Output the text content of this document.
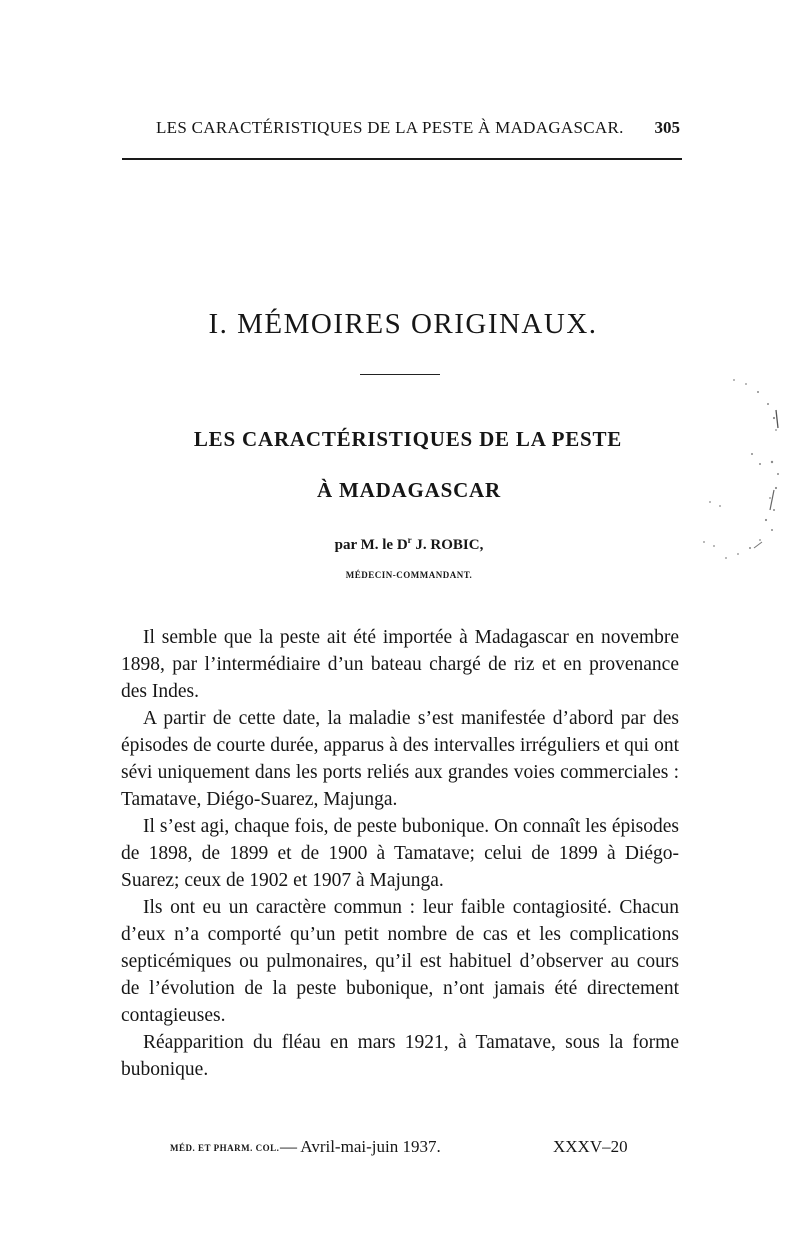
LES CARACTÉRISTIQUES DE LA PESTE À MADAGASCAR. 305
I. MÉMOIRES ORIGINAUX.
LES CARACTÉRISTIQUES DE LA PESTE
À MADAGASCAR
par M. le $D^r$ J. ROBIC,
MÉDECIN-COMMANDANT.

Il semble que la peste ait été importée à Madagascar en novembre 1898, par l’intermédiaire d’un bateau chargé de riz et en provenance des Indes.

A partir de cette date, la maladie s’est manifestée d’abord par des épisodes de courte durée, apparus à des intervalles irréguliers et qui ont sévi uniquement dans les ports reliés aux grandes voies commerciales : Tamatave, Diégo-Suarez, Majunga.

Il s’est agi, chaque fois, de peste bubonique. On connaît les épisodes de 1898, de 1899 et de 1900 à Tamatave; celui de 1899 à Diégo-Suarez; ceux de 1902 et 1907 à Majunga.

Ils ont eu un caractère commun : leur faible contagiosité. Chacun d’eux n’a comporté qu’un petit nombre de cas et les complications septicémiques ou pulmonaires, qu’il est habituel d’observer au cours de l’évolution de la peste bubonique, n’ont jamais été directement contagieuses.

Réapparition du fléau en mars 1921, à Tamatave, sous la forme bubonique.

MÉD. ET PHARM. COL. — Avril-mai-juin 1937.	XXXV–20
